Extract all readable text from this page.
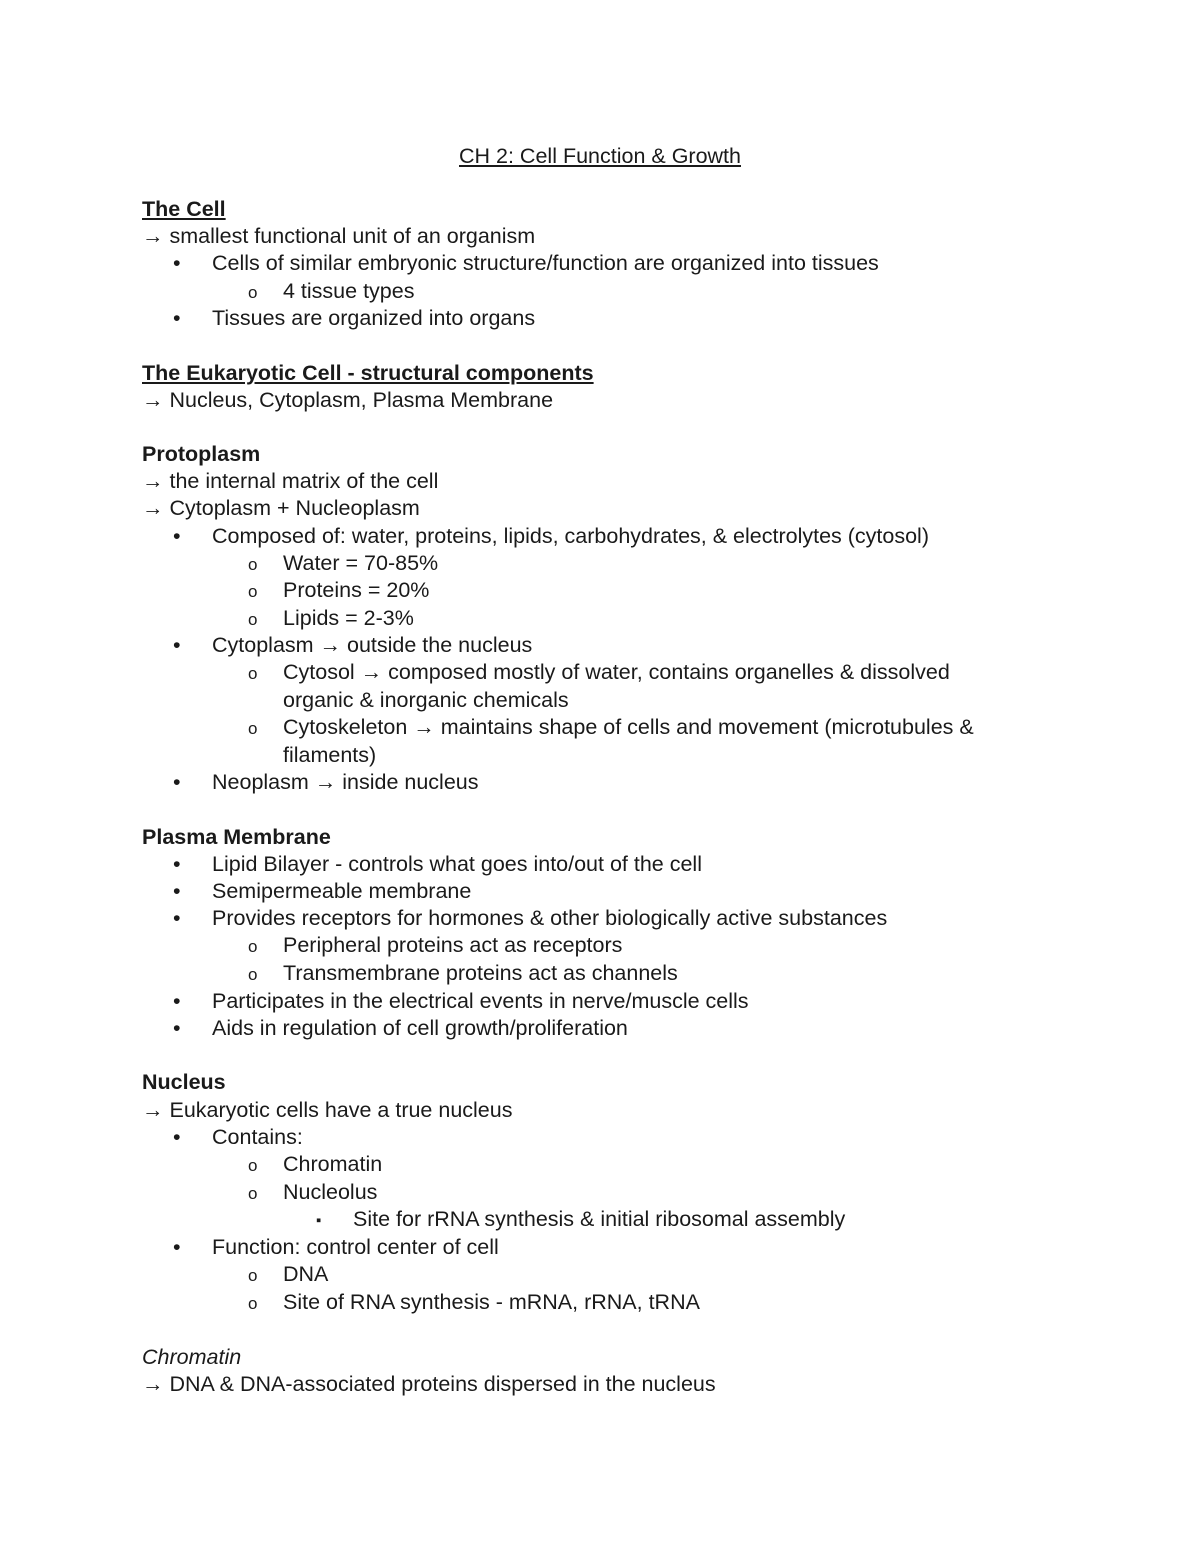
CH 2: Cell Function & Growth

The Cell

→ smallest functional unit of an organism

• Cells of similar embryonic structure/function are organized into tissues
o 4 tissue types
• Tissues are organized into organs

The Eukaryotic Cell - structural components

→ Nucleus, Cytoplasm, Plasma Membrane

Protoplasm

→ the internal matrix of the cell

→ Cytoplasm + Nucleoplasm

• Composed of: water, proteins, lipids, carbohydrates, & electrolytes (cytosol)
o Water = 70-85%
o Proteins = 20%
o Lipids = 2-3%
• Cytoplasm → outside the nucleus
o Cytosol → composed mostly of water, contains organelles & dissolved
organic & inorganic chemicals
o Cytoskeleton → maintains shape of cells and movement (microtubules &
filaments)
• Neoplasm → inside nucleus

Plasma Membrane

• Lipid Bilayer - controls what goes into/out of the cell
• Semipermeable membrane
• Provides receptors for hormones & other biologically active substances
o Peripheral proteins act as receptors
o Transmembrane proteins act as channels
• Participates in the electrical events in nerve/muscle cells
• Aids in regulation of cell growth/proliferation

Nucleus

→ Eukaryotic cells have a true nucleus

• Contains:
o Chromatin
o Nucleolus
▪ Site for rRNA synthesis & initial ribosomal assembly
• Function: control center of cell
o DNA
o Site of RNA synthesis - mRNA, rRNA, tRNA

Chromatin

→ DNA & DNA-associated proteins dispersed in the nucleus
